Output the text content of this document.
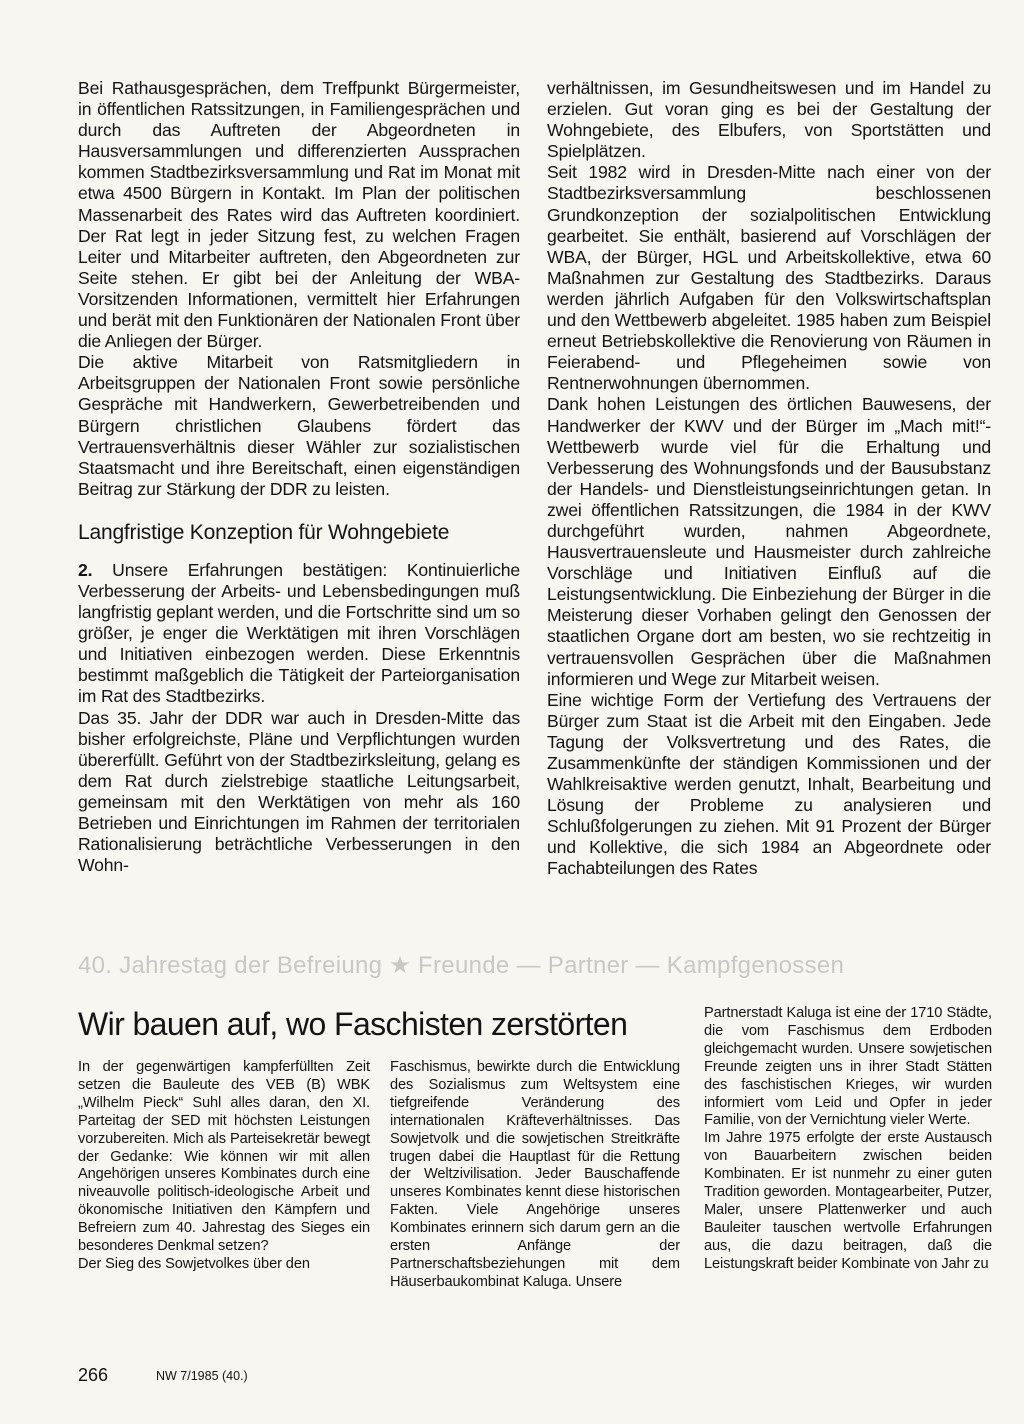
Bei Rathausgesprächen, dem Treffpunkt Bürgermeister, in öffentlichen Ratssitzungen, in Familiengesprächen und durch das Auftreten der Abgeordneten in Hausversammlungen und differenzierten Aussprachen kommen Stadtbezirksversammlung und Rat im Monat mit etwa 4500 Bürgern in Kontakt. Im Plan der politischen Massenarbeit des Rates wird das Auftreten koordiniert. Der Rat legt in jeder Sitzung fest, zu welchen Fragen Leiter und Mitarbeiter auftreten, den Abgeordneten zur Seite stehen. Er gibt bei der Anleitung der WBA-Vorsitzenden Informationen, vermittelt hier Erfahrungen und berät mit den Funktionären der Nationalen Front über die Anliegen der Bürger.

Die aktive Mitarbeit von Ratsmitgliedern in Arbeitsgruppen der Nationalen Front sowie persönliche Gespräche mit Handwerkern, Gewerbetreibenden und Bürgern christlichen Glaubens fördert das Vertrauensverhältnis dieser Wähler zur sozialistischen Staatsmacht und ihre Bereitschaft, einen eigenständigen Beitrag zur Stärkung der DDR zu leisten.

Langfristige Konzeption für Wohngebiete

2. Unsere Erfahrungen bestätigen: Kontinuierliche Verbesserung der Arbeits- und Lebensbedingungen muß langfristig geplant werden, und die Fortschritte sind um so größer, je enger die Werktätigen mit ihren Vorschlägen und Initiativen einbezogen werden. Diese Erkenntnis bestimmt maßgeblich die Tätigkeit der Parteiorganisation im Rat des Stadtbezirks.

Das 35. Jahr der DDR war auch in Dresden-Mitte das bisher erfolgreichste, Pläne und Verpflichtungen wurden übererfüllt. Geführt von der Stadtbezirksleitung, gelang es dem Rat durch zielstrebige staatliche Leitungsarbeit, gemeinsam mit den Werktätigen von mehr als 160 Betrieben und Einrichtungen im Rahmen der territorialen Rationalisierung beträchtliche Verbesserungen in den Wohn-

verhältnissen, im Gesundheitswesen und im Handel zu erzielen. Gut voran ging es bei der Gestaltung der Wohngebiete, des Elbufers, von Sportstätten und Spielplätzen.

Seit 1982 wird in Dresden-Mitte nach einer von der Stadtbezirksversammlung beschlossenen Grundkonzeption der sozialpolitischen Entwicklung gearbeitet. Sie enthält, basierend auf Vorschlägen der WBA, der Bürger, HGL und Arbeitskollektive, etwa 60 Maßnahmen zur Gestaltung des Stadtbezirks. Daraus werden jährlich Aufgaben für den Volkswirtschaftsplan und den Wettbewerb abgeleitet. 1985 haben zum Beispiel erneut Betriebskollektive die Renovierung von Räumen in Feierabend- und Pflegeheimen sowie von Rentnerwohnungen übernommen.

Dank hohen Leistungen des örtlichen Bauwesens, der Handwerker der KWV und der Bürger im „Mach mit!“-Wettbewerb wurde viel für die Erhaltung und Verbesserung des Wohnungsfonds und der Bausubstanz der Handels- und Dienstleistungseinrichtungen getan. In zwei öffentlichen Ratssitzungen, die 1984 in der KWV durchgeführt wurden, nahmen Abgeordnete, Hausvertrauensleute und Hausmeister durch zahlreiche Vorschläge und Initiativen Einfluß auf die Leistungsentwicklung. Die Einbeziehung der Bürger in die Meisterung dieser Vorhaben gelingt den Genossen der staatlichen Organe dort am besten, wo sie rechtzeitig in vertrauensvollen Gesprächen über die Maßnahmen informieren und Wege zur Mitarbeit weisen.

Eine wichtige Form der Vertiefung des Vertrauens der Bürger zum Staat ist die Arbeit mit den Eingaben. Jede Tagung der Volksvertretung und des Rates, die Zusammenkünfte der ständigen Kommissionen und der Wahlkreisaktive werden genutzt, Inhalt, Bearbeitung und Lösung der Probleme zu analysieren und Schlußfolgerungen zu ziehen. Mit 91 Prozent der Bürger und Kollektive, die sich 1984 an Abgeordnete oder Fachabteilungen des Rates

40. Jahrestag der Befreiung ★ Freunde — Partner — Kampfgenossen
Wir bauen auf, wo Faschisten zerstörten

In der gegenwärtigen kampferfüllten Zeit setzen die Bauleute des VEB (B) WBK „Wilhelm Pieck“ Suhl alles daran, den XI. Parteitag der SED mit höchsten Leistungen vorzubereiten. Mich als Parteisekretär bewegt der Gedanke: Wie können wir mit allen Angehörigen unseres Kombinates durch eine niveauvolle politisch-ideologische Arbeit und ökonomische Initiativen den Kämpfern und Befreiern zum 40. Jahrestag des Sieges ein besonderes Denkmal setzen?

Der Sieg des Sowjetvolkes über den

Faschismus, bewirkte durch die Entwicklung des Sozialismus zum Weltsystem eine tiefgreifende Veränderung des internationalen Kräfteverhältnisses. Das Sowjetvolk und die sowjetischen Streitkräfte trugen dabei die Hauptlast für die Rettung der Weltzivilisation. Jeder Bauschaffende unseres Kombinates kennt diese historischen Fakten. Viele Angehörige unseres Kombinates erinnern sich darum gern an die ersten Anfänge der Partnerschaftsbeziehungen mit dem Häuserbaukombinat Kaluga. Unsere

Partnerstadt Kaluga ist eine der 1710 Städte, die vom Faschismus dem Erdboden gleichgemacht wurden. Unsere sowjetischen Freunde zeigten uns in ihrer Stadt Stätten des faschistischen Krieges, wir wurden informiert vom Leid und Opfer in jeder Familie, von der Vernichtung vieler Werte.

Im Jahre 1975 erfolgte der erste Austausch von Bauarbeitern zwischen beiden Kombinaten. Er ist nunmehr zu einer guten Tradition geworden. Montagearbeiter, Putzer, Maler, unsere Plattenwerker und auch Bauleiter tauschen wertvolle Erfahrungen aus, die dazu beitragen, daß die Leistungskraft beider Kombinate von Jahr zu

266	NW 7/1985 (40.)
